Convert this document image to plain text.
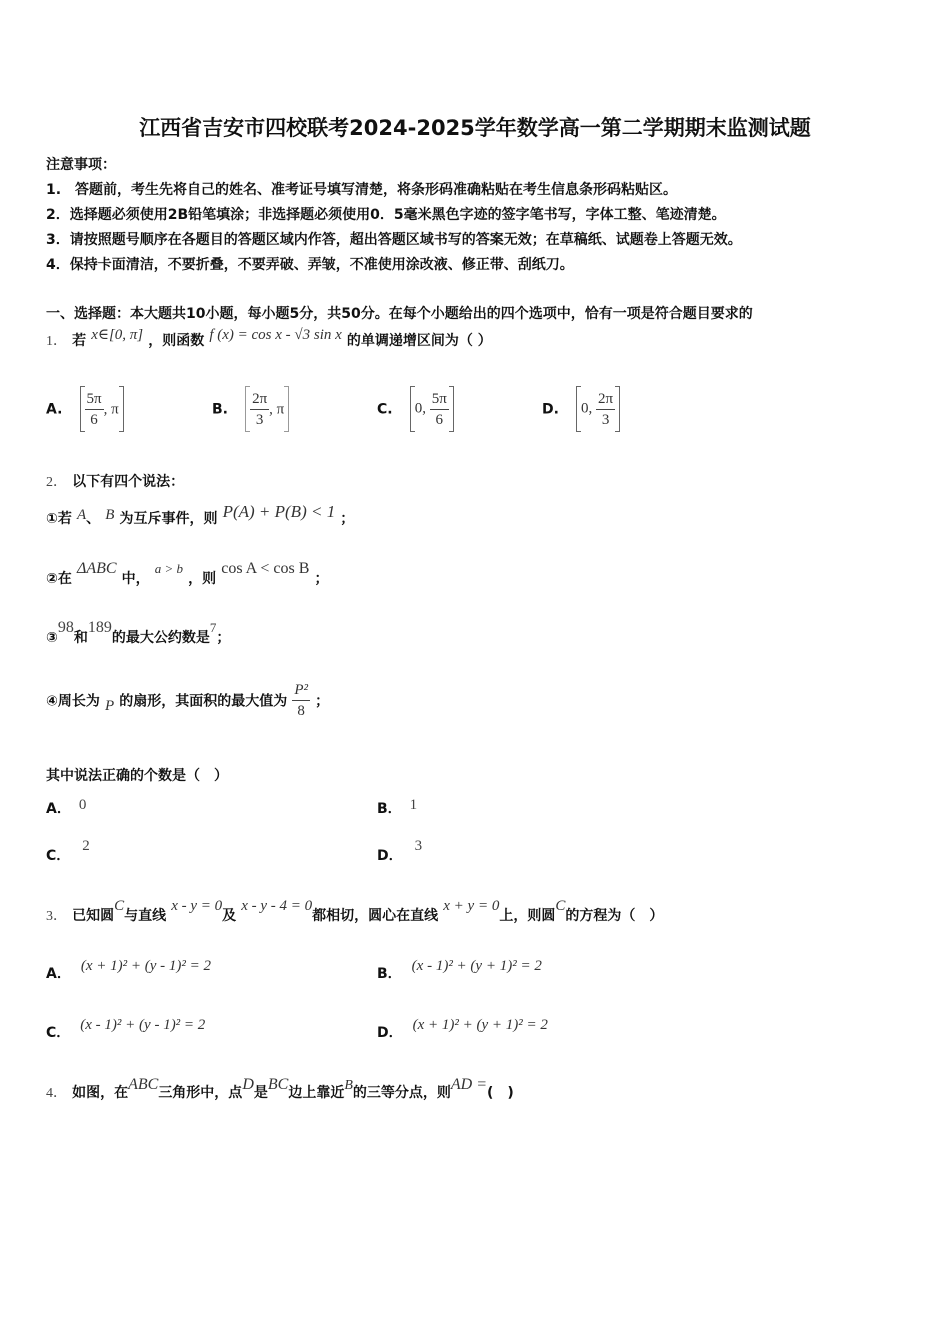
江西省吉安市四校联考2024-2025学年数学高一第二学期期末监测试题
注意事项：
1.　答题前，考生先将自己的姓名、准考证号填写清楚，将条形码准确粘贴在考生信息条形码粘贴区。
2．选择题必须使用2B铅笔填涂；非选择题必须使用0．5毫米黑色字迹的签字笔书写，字体工整、笔迹清楚。
3．请按照题号顺序在各题目的答题区域内作答，超出答题区域书写的答案无效；在草稿纸、试题卷上答题无效。
4．保持卡面清洁，不要折叠，不要弄破、弄皱，不准使用涂改液、修正带、刮纸刀。
一、选择题：本大题共10小题，每小题5分，共50分。在每个小题给出的四个选项中，恰有一项是符合题目要求的
1． 若 x∈[0, π] ，则函数 f (x) = cos x - √3 sin x 的单调递增区间为（ ）
A. $\frac{5\pi}{6}$ , π	B. $\frac{2\pi}{3}$ , π	C. 0, $\frac{5\pi}{6}$	D. 0, $\frac{2\pi}{3}$
2． 以下有四个说法：
①若 A、 B 为互斥事件，则 P(A) + P(B) < 1 ；
②在 ΔABC 中， $^{a > b}$ ，则 cos A < cos B ；
③98和189的最大公约数是$^7$；
④周长为 P 的扇形，其面积的最大值为 $\frac{\text{P²}}{8}$ ；
其中说法正确的个数是（　）
A． 0	B． 1
C．2
D．3
3． 已知圆C与直线 x - y = 0及 x - y - 4 = 0都相切，圆心在直线 x + y = 0上，则圆C的方程为（　）
A． (x + 1)² + (y - 1)² = 2	B． (x - 1)² + (y + 1)² = 2
C． (x - 1)² + (y - 1)² = 2	D． (x + 1)² + (y + 1)² = 2
4． 如图，在ABC三角形中，点D是BC边上靠近B的三等分点，则AD =(　)
